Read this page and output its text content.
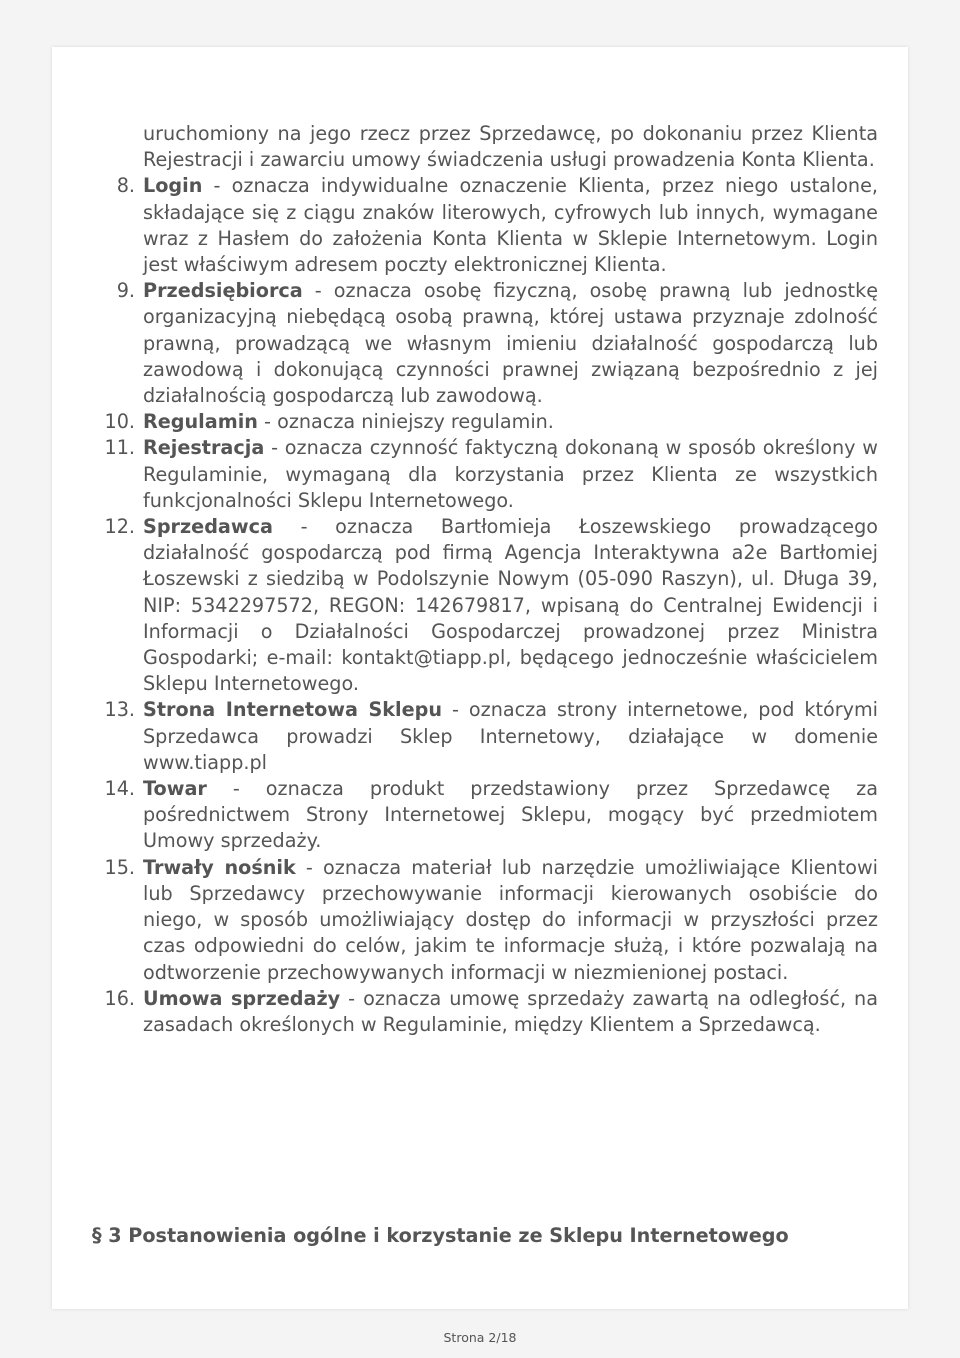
uruchomiony na jego rzecz przez Sprzedawcę, po dokonaniu przez Klienta Rejestracji i zawarciu umowy świadczenia usługi prowadzenia Konta Klienta.

8. Login - oznacza indywidualne oznaczenie Klienta, przez niego ustalone, składające się z ciągu znaków literowych, cyfrowych lub innych, wymagane wraz z Hasłem do założenia Konta Klienta w Sklepie Internetowym. Login jest właściwym adresem poczty elektronicznej Klienta.
9. Przedsiębiorca - oznacza osobę fizyczną, osobę prawną lub jednostkę organizacyjną niebędącą osobą prawną, której ustawa przyznaje zdolność prawną, prowadzącą we własnym imieniu działalność gospodarczą lub zawodową i dokonującą czynności prawnej związaną bezpośrednio z jej działalnością gospodarczą lub zawodową.
10. Regulamin - oznacza niniejszy regulamin.
11. Rejestracja - oznacza czynność faktyczną dokonaną w sposób określony w Regulaminie, wymaganą dla korzystania przez Klienta ze wszystkich funkcjonalności Sklepu Internetowego.
12. Sprzedawca - oznacza Bartłomieja Łoszewskiego prowadzącego działalność gospodarczą pod firmą Agencja Interaktywna a2e Bartłomiej Łoszewski z siedzibą w Podolszynie Nowym (05-090 Raszyn), ul. Długa 39, NIP: 5342297572, REGON: 142679817, wpisaną do Centralnej Ewidencji i Informacji o Działalności Gospodarczej prowadzonej przez Ministra Gospodarki; e-mail: kontakt@tiapp.pl, będącego jednocześnie właścicielem Sklepu Internetowego.
13. Strona Internetowa Sklepu - oznacza strony internetowe, pod którymi Sprzedawca prowadzi Sklep Internetowy, działające w domenie www.tiapp.pl
14. Towar - oznacza produkt przedstawiony przez Sprzedawcę za pośrednictwem Strony Internetowej Sklepu, mogący być przedmiotem Umowy sprzedaży.
15. Trwały nośnik - oznacza materiał lub narzędzie umożliwiające Klientowi lub Sprzedawcy przechowywanie informacji kierowanych osobiście do niego, w sposób umożliwiający dostęp do informacji w przyszłości przez czas odpowiedni do celów, jakim te informacje służą, i które pozwalają na odtworzenie przechowywanych informacji w niezmienionej postaci.
16. Umowa sprzedaży - oznacza umowę sprzedaży zawartą na odległość, na zasadach określonych w Regulaminie, między Klientem a Sprzedawcą.
§ 3 Postanowienia ogólne i korzystanie ze Sklepu Internetowego
Strona 2/18
